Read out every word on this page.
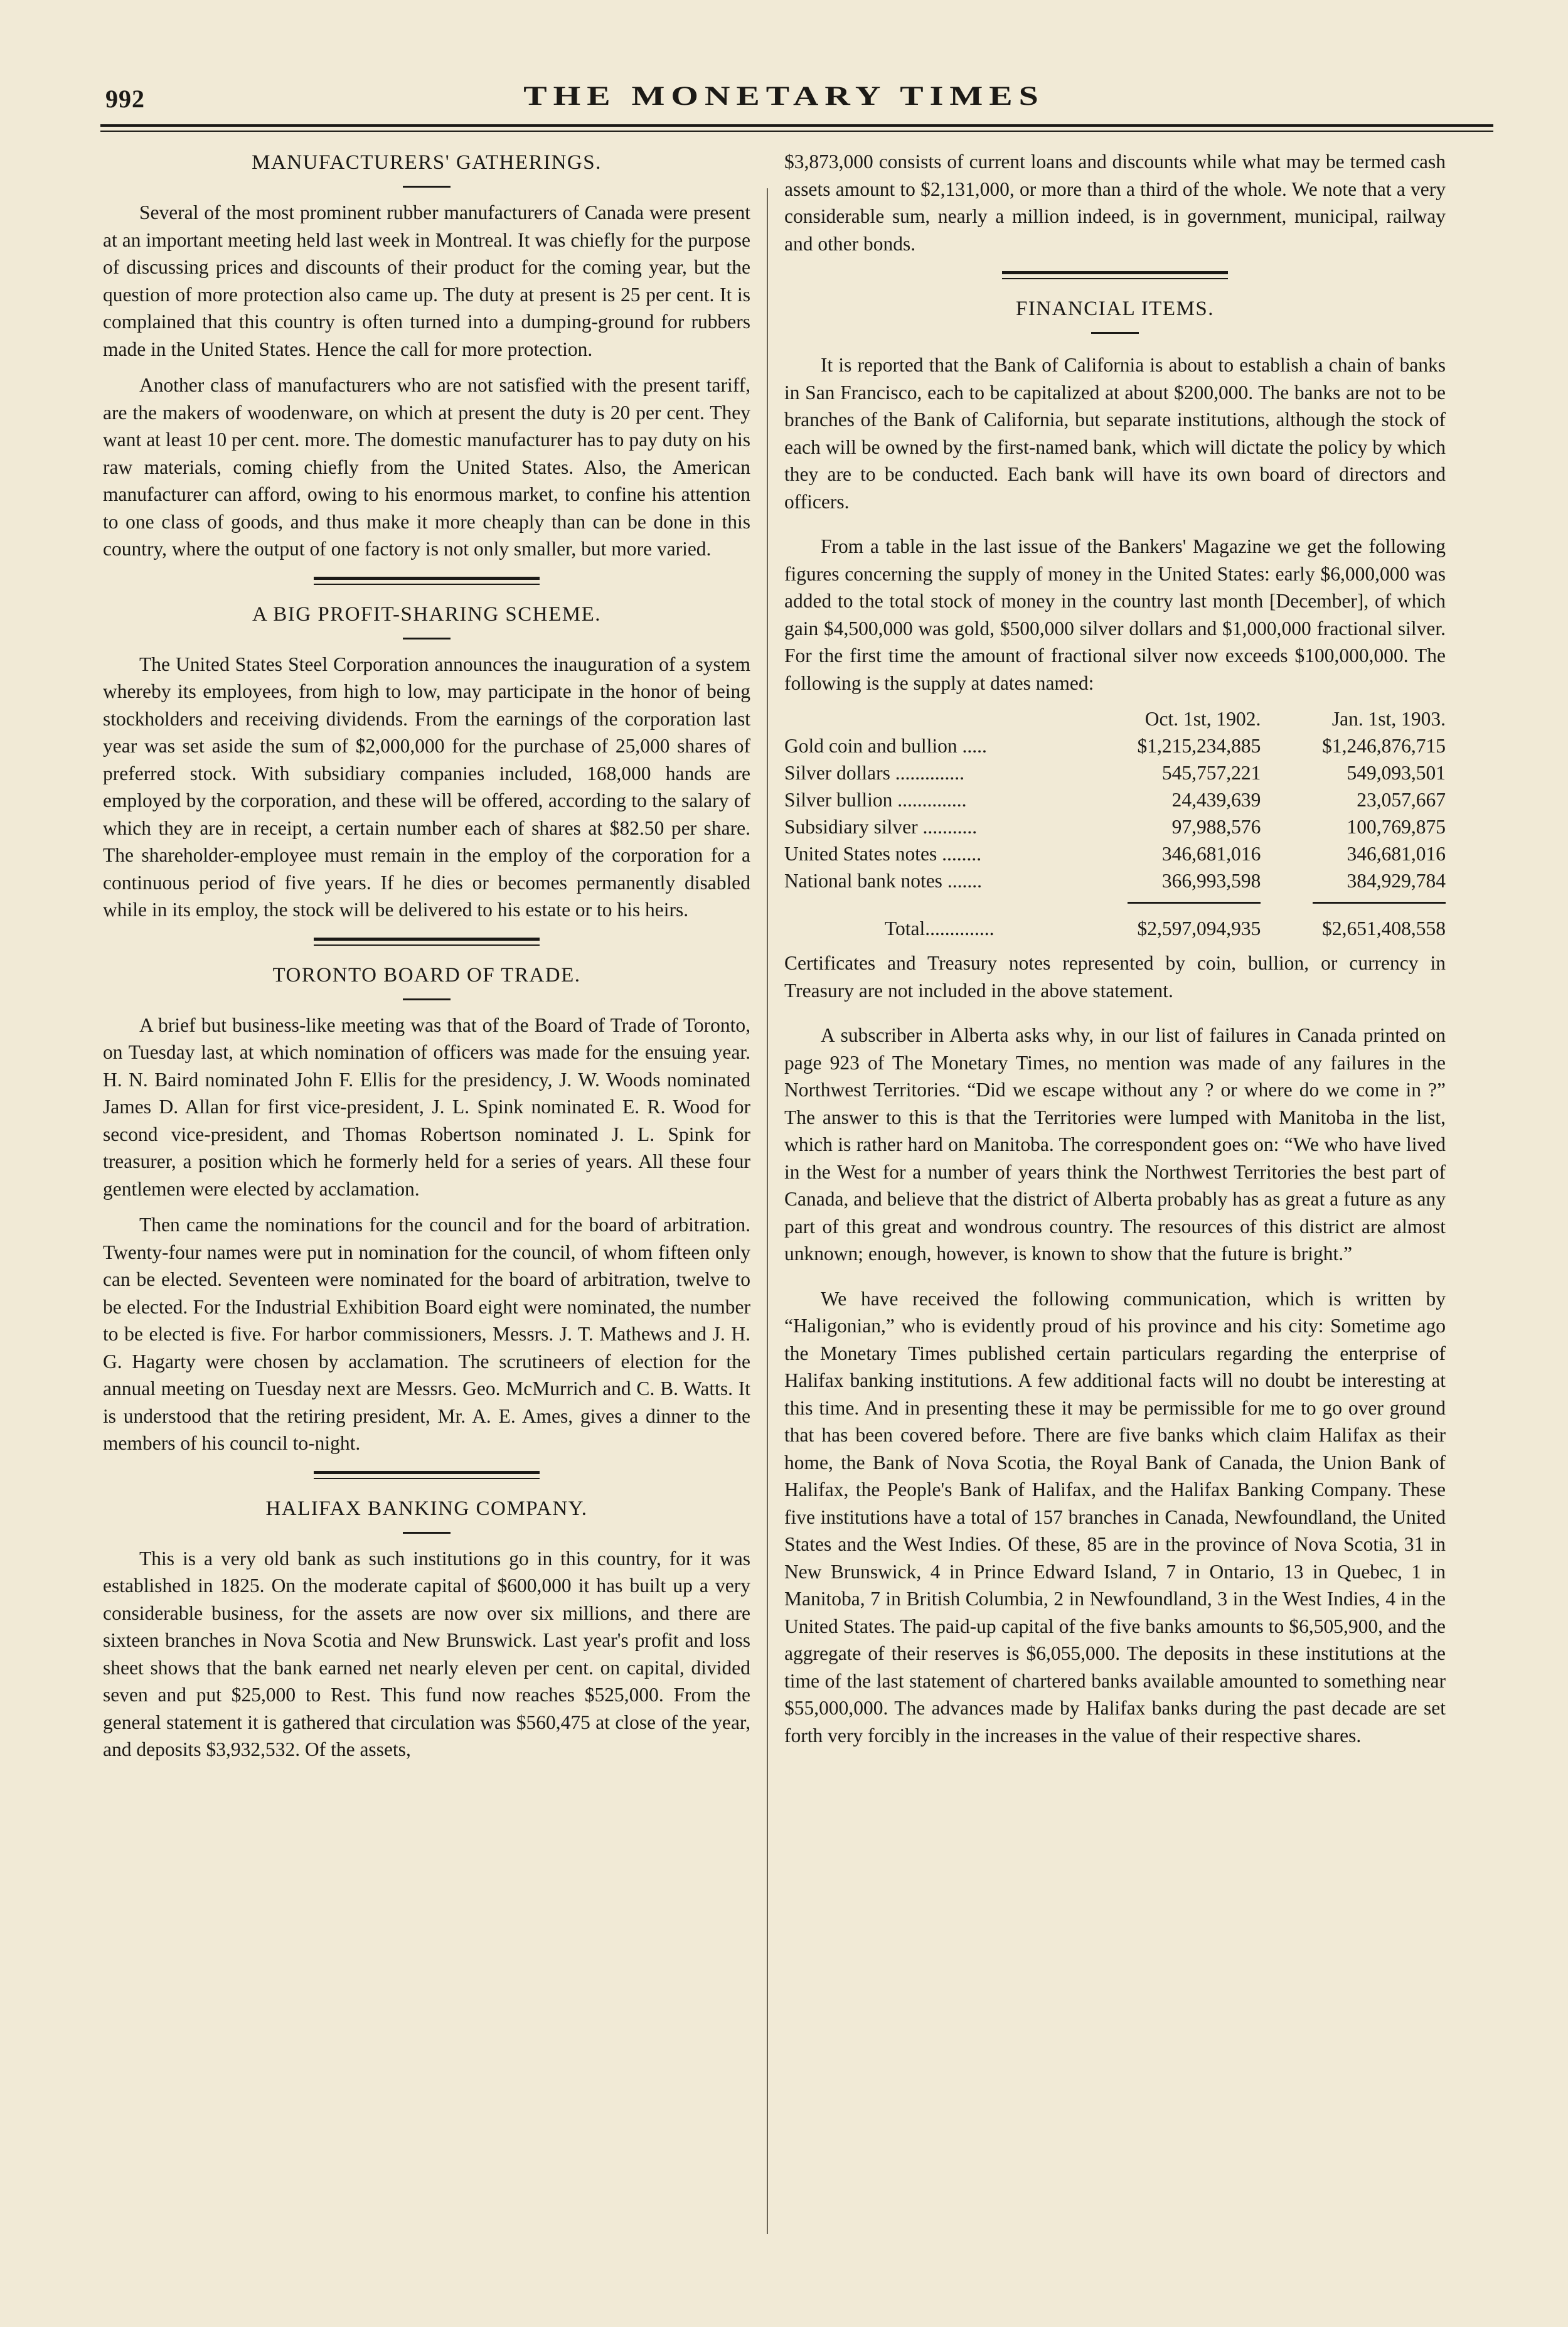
992	THE MONETARY TIMES
MANUFACTURERS' GATHERINGS.

Several of the most prominent rubber manufacturers of Canada were present at an important meeting held last week in Montreal. It was chiefly for the purpose of discussing prices and discounts of their product for the coming year, but the question of more protection also came up. The duty at present is 25 per cent. It is complained that this country is often turned into a dumping-ground for rubbers made in the United States. Hence the call for more protection.

Another class of manufacturers who are not satisfied with the present tariff, are the makers of woodenware, on which at present the duty is 20 per cent. They want at least 10 per cent. more. The domestic manufacturer has to pay duty on his raw materials, coming chiefly from the United States. Also, the American manufacturer can afford, owing to his enormous market, to confine his attention to one class of goods, and thus make it more cheaply than can be done in this country, where the output of one factory is not only smaller, but more varied.

A BIG PROFIT-SHARING SCHEME.

The United States Steel Corporation announces the inauguration of a system whereby its employees, from high to low, may participate in the honor of being stockholders and receiving dividends. From the earnings of the corporation last year was set aside the sum of $2,000,000 for the purchase of 25,000 shares of preferred stock. With subsidiary companies included, 168,000 hands are employed by the corporation, and these will be offered, according to the salary of which they are in receipt, a certain number each of shares at $82.50 per share. The shareholder-employee must remain in the employ of the corporation for a continuous period of five years. If he dies or becomes permanently disabled while in its employ, the stock will be delivered to his estate or to his heirs.

TORONTO BOARD OF TRADE.

A brief but business-like meeting was that of the Board of Trade of Toronto, on Tuesday last, at which nomination of officers was made for the ensuing year. H. N. Baird nominated John F. Ellis for the presidency, J. W. Woods nominated James D. Allan for first vice-president, J. L. Spink nominated E. R. Wood for second vice-president, and Thomas Robertson nominated J. L. Spink for treasurer, a position which he formerly held for a series of years. All these four gentlemen were elected by acclamation.

Then came the nominations for the council and for the board of arbitration. Twenty-four names were put in nomination for the council, of whom fifteen only can be elected. Seventeen were nominated for the board of arbitration, twelve to be elected. For the Industrial Exhibition Board eight were nominated, the number to be elected is five. For harbor commissioners, Messrs. J. T. Mathews and J. H. G. Hagarty were chosen by acclamation. The scrutineers of election for the annual meeting on Tuesday next are Messrs. Geo. McMurrich and C. B. Watts. It is understood that the retiring president, Mr. A. E. Ames, gives a dinner to the members of his council to-night.

HALIFAX BANKING COMPANY.

This is a very old bank as such institutions go in this country, for it was established in 1825. On the moderate capital of $600,000 it has built up a very considerable business, for the assets are now over six millions, and there are sixteen branches in Nova Scotia and New Brunswick. Last year's profit and loss sheet shows that the bank earned net nearly eleven per cent. on capital, divided seven and put $25,000 to Rest. This fund now reaches $525,000. From the general statement it is gathered that circulation was $560,475 at close of the year, and deposits $3,932,532. Of the assets,

$3,873,000 consists of current loans and discounts while what may be termed cash assets amount to $2,131,000, or more than a third of the whole. We note that a very considerable sum, nearly a million indeed, is in government, municipal, railway and other bonds.

FINANCIAL ITEMS.

It is reported that the Bank of California is about to establish a chain of banks in San Francisco, each to be capitalized at about $200,000. The banks are not to be branches of the Bank of California, but separate institutions, although the stock of each will be owned by the first-named bank, which will dictate the policy by which they are to be conducted. Each bank will have its own board of directors and officers.

From a table in the last issue of the Bankers' Magazine we get the following figures concerning the supply of money in the United States: early $6,000,000 was added to the total stock of money in the country last month [December], of which gain $4,500,000 was gold, $500,000 silver dollars and $1,000,000 fractional silver. For the first time the amount of fractional silver now exceeds $100,000,000. The following is the supply at dates named:

	Oct. 1st, 1902.	Jan. 1st, 1903.
Gold coin and bullion .....	$1,215,234,885	$1,246,876,715
Silver dollars ..............	545,757,221	549,093,501
Silver bullion ..............	24,439,639	23,057,667
Subsidiary silver ...........	97,988,576	100,769,875
United States notes ........	346,681,016	346,681,016
National bank notes .......	366,993,598	384,929,784

Total..............	$2,597,094,935	$2,651,408,558

Certificates and Treasury notes represented by coin, bullion, or currency in Treasury are not included in the above statement.

A subscriber in Alberta asks why, in our list of failures in Canada printed on page 923 of The Monetary Times, no mention was made of any failures in the Northwest Territories. “Did we escape without any ? or where do we come in ?” The answer to this is that the Territories were lumped with Manitoba in the list, which is rather hard on Manitoba. The correspondent goes on: “We who have lived in the West for a number of years think the Northwest Territories the best part of Canada, and believe that the district of Alberta probably has as great a future as any part of this great and wondrous country. The resources of this district are almost unknown; enough, however, is known to show that the future is bright.”

We have received the following communication, which is written by “Haligonian,” who is evidently proud of his province and his city: Sometime ago the Monetary Times published certain particulars regarding the enterprise of Halifax banking institutions. A few additional facts will no doubt be interesting at this time. And in presenting these it may be permissible for me to go over ground that has been covered before. There are five banks which claim Halifax as their home, the Bank of Nova Scotia, the Royal Bank of Canada, the Union Bank of Halifax, the People's Bank of Halifax, and the Halifax Banking Company. These five institutions have a total of 157 branches in Canada, Newfoundland, the United States and the West Indies. Of these, 85 are in the province of Nova Scotia, 31 in New Brunswick, 4 in Prince Edward Island, 7 in Ontario, 13 in Quebec, 1 in Manitoba, 7 in British Columbia, 2 in Newfoundland, 3 in the West Indies, 4 in the United States. The paid-up capital of the five banks amounts to $6,505,900, and the aggregate of their reserves is $6,055,000. The deposits in these institutions at the time of the last statement of chartered banks available amounted to something near $55,000,000. The advances made by Halifax banks during the past decade are set forth very forcibly in the increases in the value of their respective shares.
